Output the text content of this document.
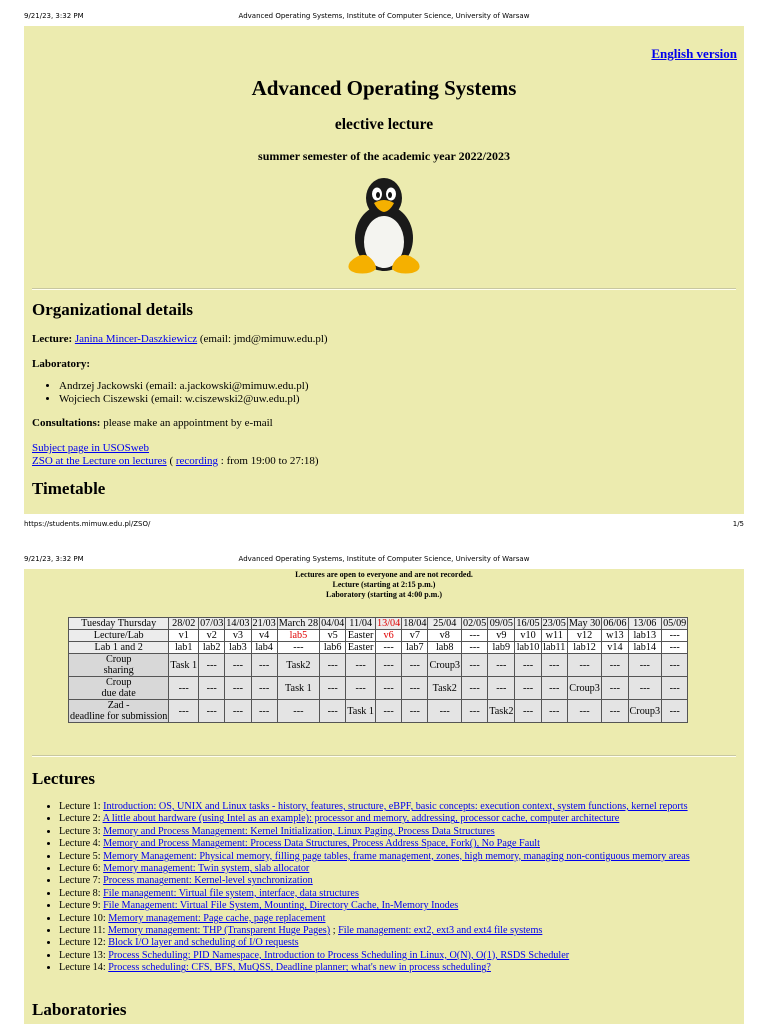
9/21/23, 3:32 PM	Advanced Operating Systems, Institute of Computer Science, University of Warsaw
English version
Advanced Operating Systems
elective lecture
summer semester of the academic year 2022/2023
Organizational details
Lecture: Janina Mincer-Daszkiewicz (email: jmd@mimuw.edu.pl)
Laboratory:
• Andrzej Jackowski (email: a.jackowski@mimuw.edu.pl)
• Wojciech Ciszewski (email: w.ciszewski2@uw.edu.pl)
Consultations: please make an appointment by e-mail
Subject page in USOSweb
ZSO at the Lecture on lectures ( recording : from 19:00 to 27:18)
Timetable
https://students.mimuw.edu.pl/ZSO/	1/5
9/21/23, 3:32 PM	Advanced Operating Systems, Institute of Computer Science, University of Warsaw
Lectures are open to everyone and are not recorded.
Lecture (starting at 2:15 p.m.)
Laboratory (starting at 4:00 p.m.)
Tuesday Thursday	28/02	07/03	14/03	21/03	March 28	04/04	11/04	13/04	18/04	25/04	02/05	09/05	16/05	23/05	May 30	06/06	13/06	05/09
Lecture/Lab	v1	v2	v3	v4	lab5	v5	Easter	v6	v7	v8	---	v9	v10	w11	v12	w13	lab13	---
Lab 1 and 2	lab1	lab2	lab3	lab4	---	lab6	Easter	---	lab7	lab8	---	lab9	lab10	lab11	lab12	v14	lab14	---
Croup
sharing	Task 1	---	---	---	Task2	---	---	---	---	Croup3	---	---	---	---	---	---	---	---
Croup
due date	---	---	---	---	Task 1	---	---	---	---	Task2	---	---	---	---	Croup3	---	---	---
Zad -
deadline for submission	---	---	---	---	---	---	Task 1	---	---	---	---	Task2	---	---	---	---	Croup3	---
Lectures
• Lecture 1: Introduction: OS, UNIX and Linux tasks - history, features, structure, eBPF, basic concepts: execution context, system functions, kernel reports
• Lecture 2: A little about hardware (using Intel as an example): processor and memory, addressing, processor cache, computer architecture
• Lecture 3: Memory and Process Management: Kernel Initialization, Linux Paging, Process Data Structures
• Lecture 4: Memory and Process Management: Process Data Structures, Process Address Space, Fork(), No Page Fault
• Lecture 5: Memory Management: Physical memory, filling page tables, frame management, zones, high memory, managing non-contiguous memory areas
• Lecture 6: Memory management: Twin system, slab allocator
• Lecture 7: Process management: Kernel-level synchronization
• Lecture 8: File management: Virtual file system, interface, data structures
• Lecture 9: File Management: Virtual File System, Mounting, Directory Cache, In-Memory Inodes
• Lecture 10: Memory management: Page cache, page replacement
• Lecture 11: Memory management: THP (Transparent Huge Pages) ; File management: ext2, ext3 and ext4 file systems
• Lecture 12: Block I/O layer and scheduling of I/O requests
• Lecture 13: Process Scheduling: PID Namespace, Introduction to Process Scheduling in Linux, O(N), O(1), RSDS Scheduler
• Lecture 14: Process scheduling: CFS, BFS, MuQSS, Deadline planner; what's new in process scheduling?
Laboratories
